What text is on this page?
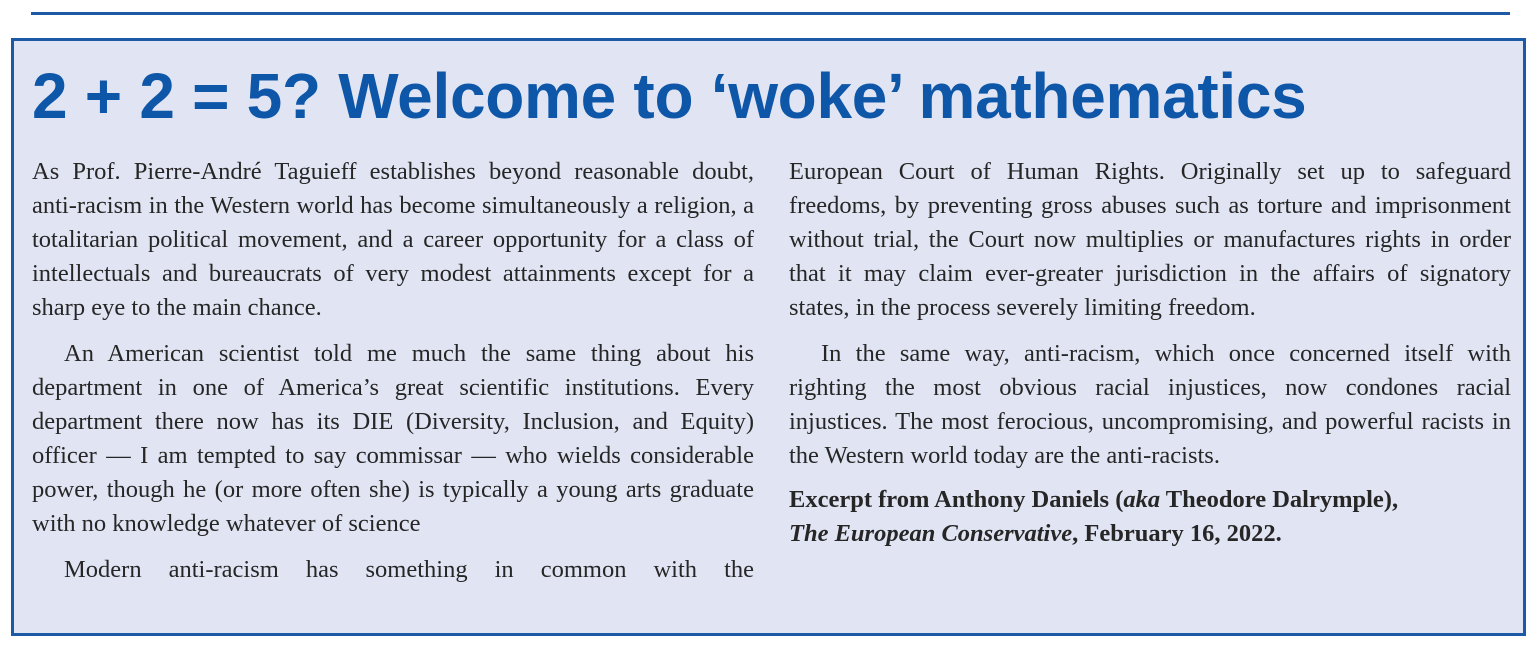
2 + 2 = 5? Welcome to ‘woke’ mathematics

As Prof. Pierre-André Taguieff establishes beyond reasonable doubt, anti-racism in the Western world has become simultaneously a religion, a totalitarian political movement, and a career opportunity for a class of intellectuals and bureaucrats of very modest attainments except for a sharp eye to the main chance.

An American scientist told me much the same thing about his department in one of America’s great scientific institutions. Every department there now has its DIE (Diversity, Inclusion, and Equity) officer — I am tempted to say commissar — who wields considerable power, though he (or more often she) is typically a young arts graduate with no knowledge whatever of science

Modern anti-racism has something in common with the

European Court of Human Rights. Originally set up to safeguard freedoms, by preventing gross abuses such as torture and imprisonment without trial, the Court now multiplies or manufactures rights in order that it may claim ever-greater jurisdiction in the affairs of signatory states, in the process severely limiting freedom.

In the same way, anti-racism, which once concerned itself with righting the most obvious racial injustices, now condones racial injustices. The most ferocious, uncompromising, and powerful racists in the Western world today are the anti-racists.

Excerpt from Anthony Daniels (aka Theodore Dalrymple),
The European Conservative, February 16, 2022.
